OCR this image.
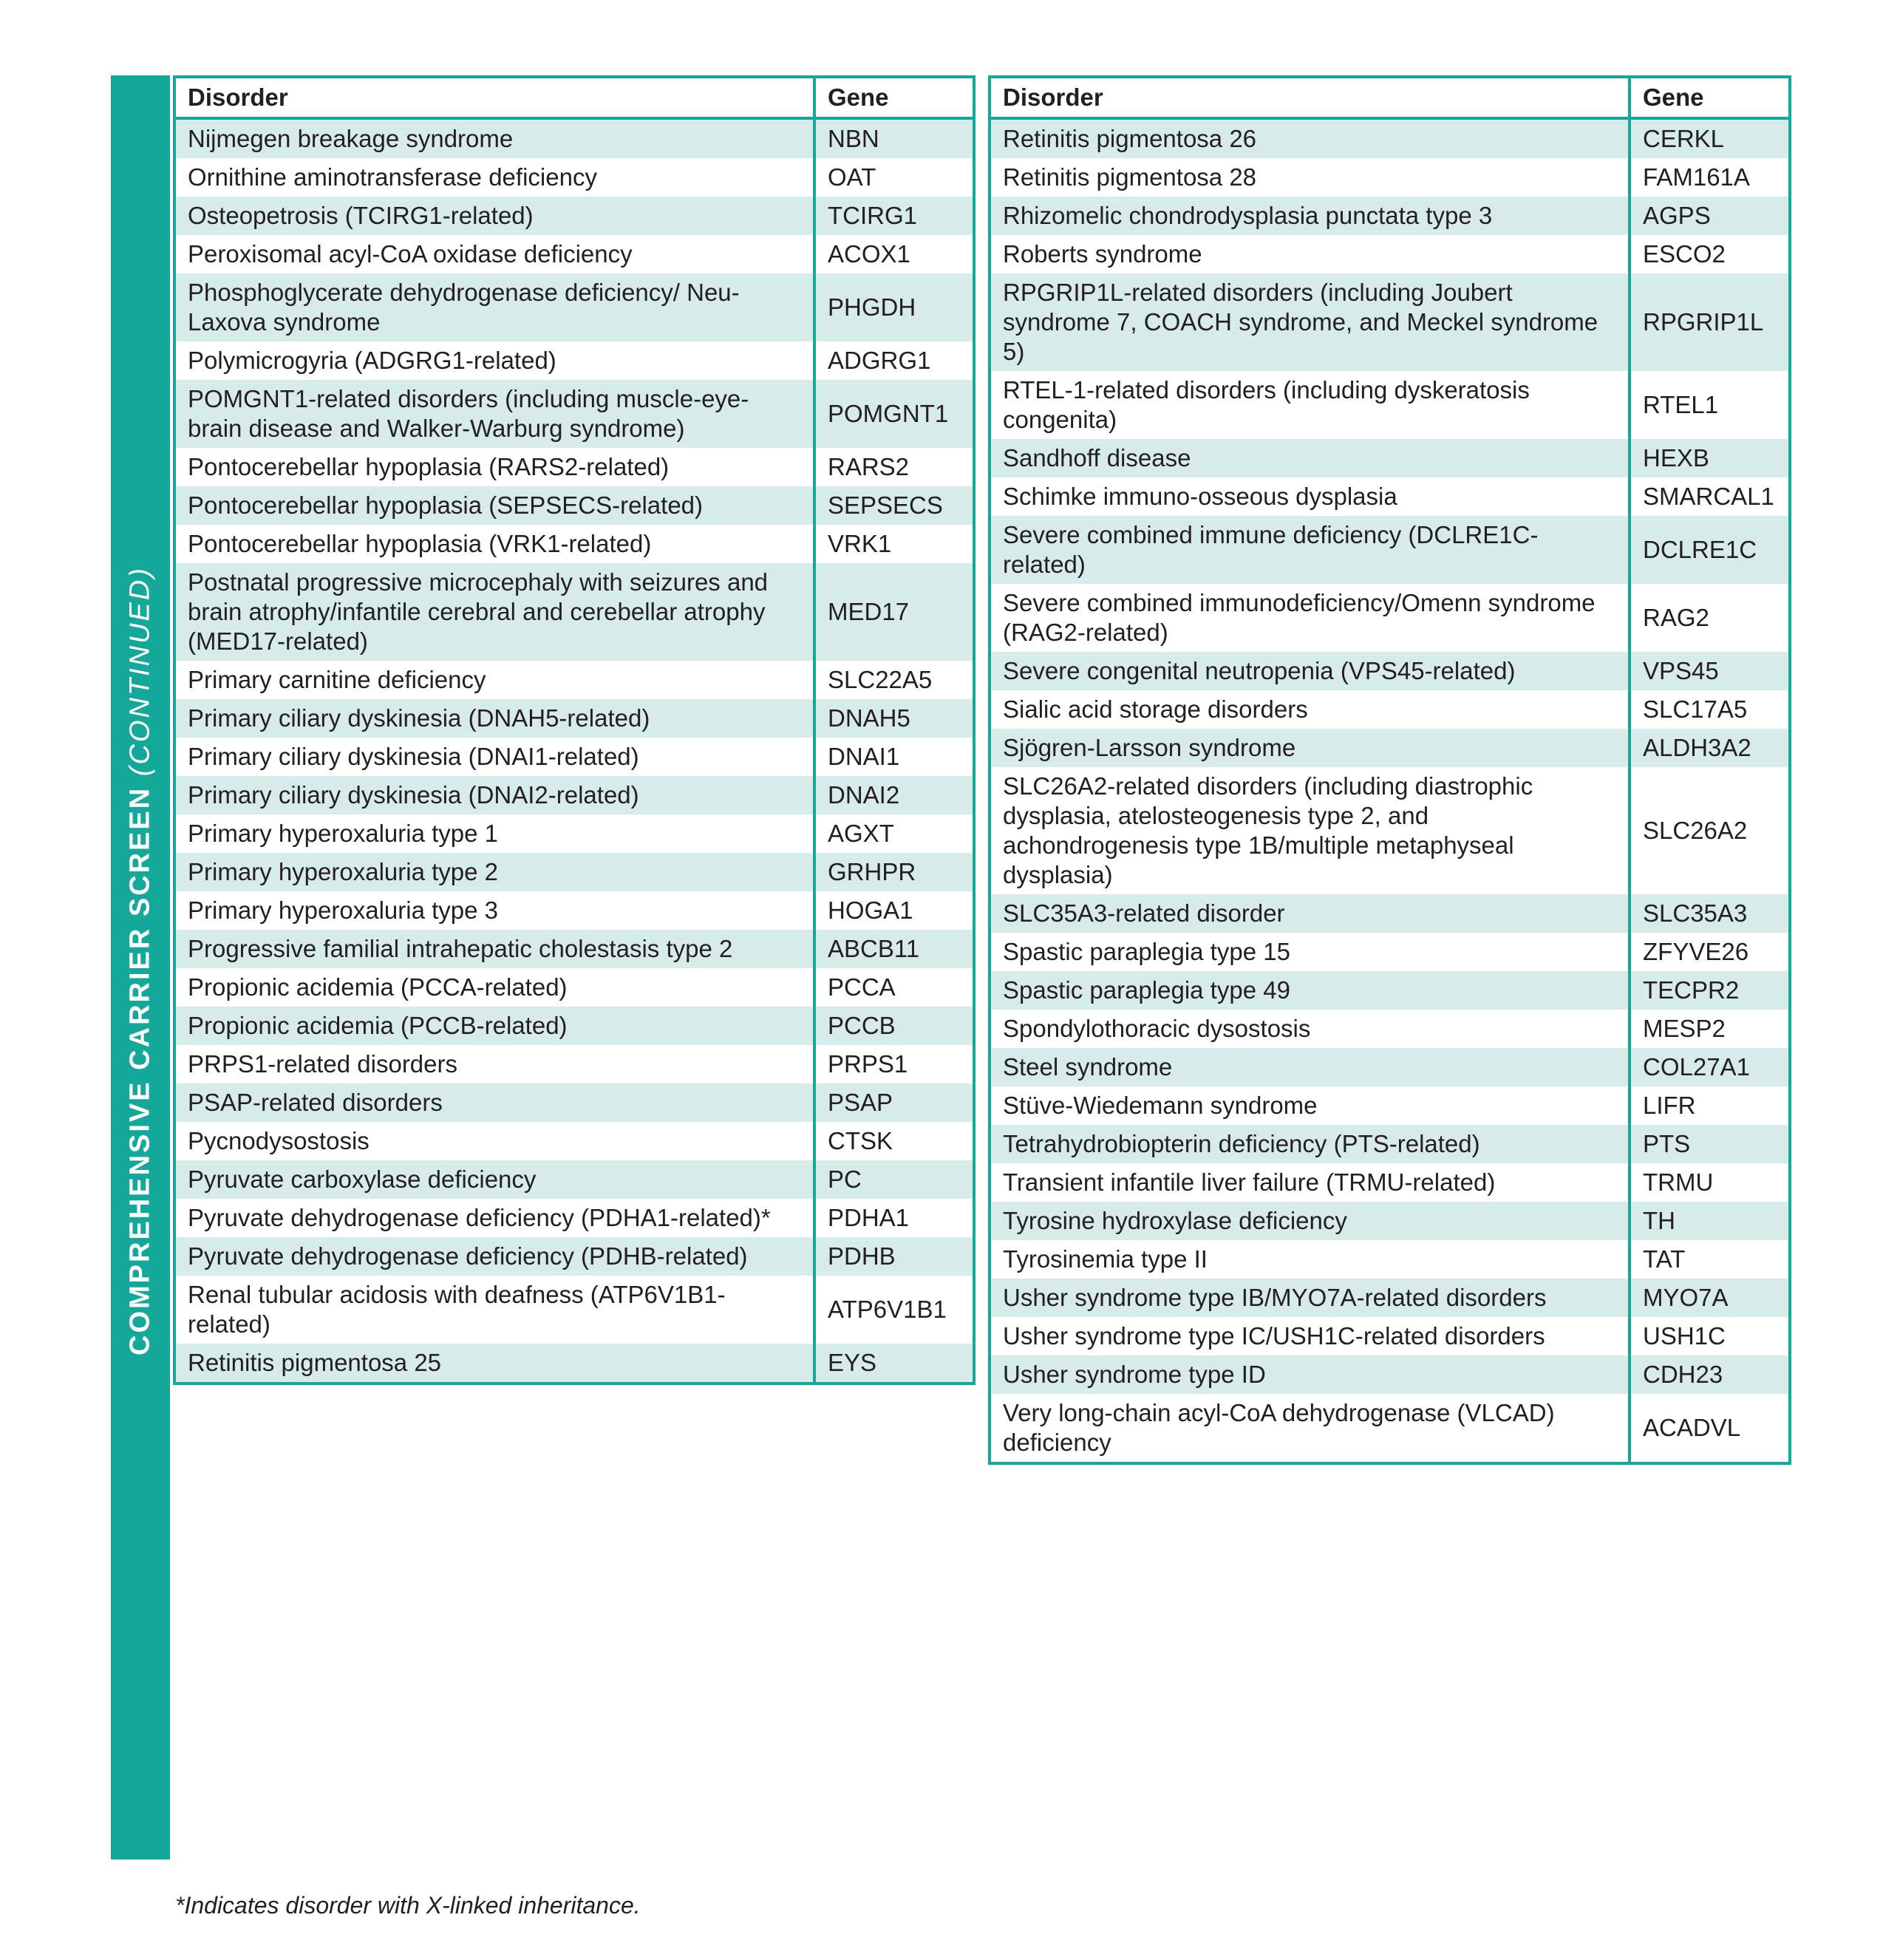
COMPREHENSIVE CARRIER SCREEN (CONTINUED)
Disorder	Gene
Nijmegen breakage syndrome	NBN
Ornithine aminotransferase deficiency	OAT
Osteopetrosis (TCIRG1-related)	TCIRG1
Peroxisomal acyl-CoA oxidase deficiency	ACOX1
Phosphoglycerate dehydrogenase deficiency/ Neu-Laxova syndrome	PHGDH
Polymicrogyria (ADGRG1-related)	ADGRG1
POMGNT1-related disorders (including muscle-eye-brain disease and Walker-Warburg syndrome)	POMGNT1
Pontocerebellar hypoplasia (RARS2-related)	RARS2
Pontocerebellar hypoplasia (SEPSECS-related)	SEPSECS
Pontocerebellar hypoplasia (VRK1-related)	VRK1
Postnatal progressive microcephaly with seizures and brain atrophy/infantile cerebral and cerebellar atrophy (MED17-related)	MED17
Primary carnitine deficiency	SLC22A5
Primary ciliary dyskinesia (DNAH5-related)	DNAH5
Primary ciliary dyskinesia (DNAI1-related)	DNAI1
Primary ciliary dyskinesia (DNAI2-related)	DNAI2
Primary hyperoxaluria type 1	AGXT
Primary hyperoxaluria type 2	GRHPR
Primary hyperoxaluria type 3	HOGA1
Progressive familial intrahepatic cholestasis type 2	ABCB11
Propionic acidemia (PCCA-related)	PCCA
Propionic acidemia (PCCB-related)	PCCB
PRPS1-related disorders	PRPS1
PSAP-related disorders	PSAP
Pycnodysostosis	CTSK
Pyruvate carboxylase deficiency	PC
Pyruvate dehydrogenase deficiency (PDHA1-related)*	PDHA1
Pyruvate dehydrogenase deficiency (PDHB-related)	PDHB
Renal tubular acidosis with deafness (ATP6V1B1-related)	ATP6V1B1
Retinitis pigmentosa 25	EYS
Disorder	Gene
Retinitis pigmentosa 26	CERKL
Retinitis pigmentosa 28	FAM161A
Rhizomelic chondrodysplasia punctata type 3	AGPS
Roberts syndrome	ESCO2
RPGRIP1L-related disorders (including Joubert syndrome 7, COACH syndrome, and Meckel syndrome 5)	RPGRIP1L
RTEL-1-related disorders (including dyskeratosis congenita)	RTEL1
Sandhoff disease	HEXB
Schimke immuno-osseous dysplasia	SMARCAL1
Severe combined immune deficiency (DCLRE1C-related)	DCLRE1C
Severe combined immunodeficiency/Omenn syndrome (RAG2-related)	RAG2
Severe congenital neutropenia (VPS45-related)	VPS45
Sialic acid storage disorders	SLC17A5
Sjögren-Larsson syndrome	ALDH3A2
SLC26A2-related disorders (including diastrophic dysplasia, atelosteogenesis type 2, and achondrogenesis type 1B/multiple metaphyseal dysplasia)	SLC26A2
SLC35A3-related disorder	SLC35A3
Spastic paraplegia type 15	ZFYVE26
Spastic paraplegia type 49	TECPR2
Spondylothoracic dysostosis	MESP2
Steel syndrome	COL27A1
Stüve-Wiedemann syndrome	LIFR
Tetrahydrobiopterin deficiency (PTS-related)	PTS
Transient infantile liver failure (TRMU-related)	TRMU
Tyrosine hydroxylase deficiency	TH
Tyrosinemia type II	TAT
Usher syndrome type IB/MYO7A-related disorders	MYO7A
Usher syndrome type IC/USH1C-related disorders	USH1C
Usher syndrome type ID	CDH23
Very long-chain acyl-CoA dehydrogenase (VLCAD) deficiency	ACADVL
*Indicates disorder with X-linked inheritance.
